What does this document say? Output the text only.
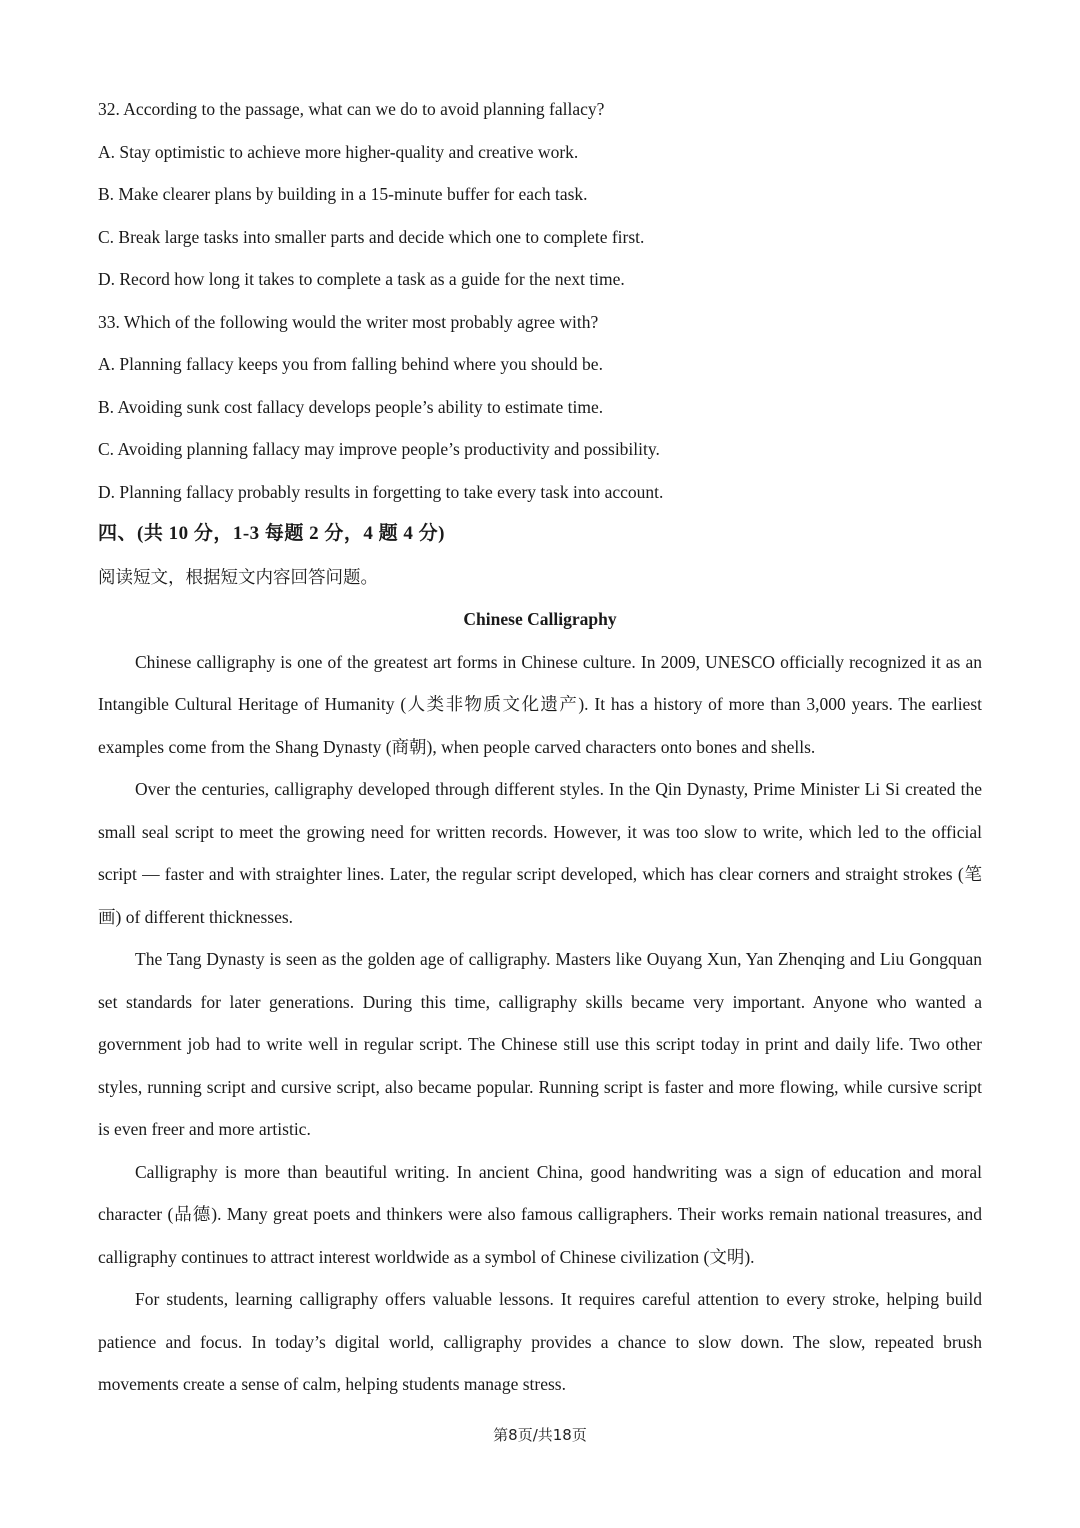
32. According to the passage, what can we do to avoid planning fallacy?
A. Stay optimistic to achieve more higher-quality and creative work.
B. Make clearer plans by building in a 15-minute buffer for each task.
C. Break large tasks into smaller parts and decide which one to complete first.
D. Record how long it takes to complete a task as a guide for the next time.
33. Which of the following would the writer most probably agree with?
A. Planning fallacy keeps you from falling behind where you should be.
B. Avoiding sunk cost fallacy develops people’s ability to estimate time.
C. Avoiding planning fallacy may improve people’s productivity and possibility.
D. Planning fallacy probably results in forgetting to take every task into account.
四、(共 10 分，1-3 每题 2 分，4 题 4 分)
阅读短文，根据短文内容回答问题。
Chinese Calligraphy

Chinese calligraphy is one of the greatest art forms in Chinese culture. In 2009, UNESCO officially recognized it as an Intangible Cultural Heritage of Humanity (人类非物质文化遗产). It has a history of more than 3,000 years. The earliest examples come from the Shang Dynasty (商朝), when people carved characters onto bones and shells.

Over the centuries, calligraphy developed through different styles. In the Qin Dynasty, Prime Minister Li Si created the small seal script to meet the growing need for written records. However, it was too slow to write, which led to the official script — faster and with straighter lines. Later, the regular script developed, which has clear corners and straight strokes (笔画) of different thicknesses.

The Tang Dynasty is seen as the golden age of calligraphy. Masters like Ouyang Xun, Yan Zhenqing and Liu Gongquan set standards for later generations. During this time, calligraphy skills became very important. Anyone who wanted a government job had to write well in regular script. The Chinese still use this script today in print and daily life. Two other styles, running script and cursive script, also became popular. Running script is faster and more flowing, while cursive script is even freer and more artistic.

Calligraphy is more than beautiful writing. In ancient China, good handwriting was a sign of education and moral character (品德). Many great poets and thinkers were also famous calligraphers. Their works remain national treasures, and calligraphy continues to attract interest worldwide as a symbol of Chinese civilization (文明).

For students, learning calligraphy offers valuable lessons. It requires careful attention to every stroke, helping build patience and focus. In today’s digital world, calligraphy provides a chance to slow down. The slow, repeated brush movements create a sense of calm, helping students manage stress.

第8页/共18页
